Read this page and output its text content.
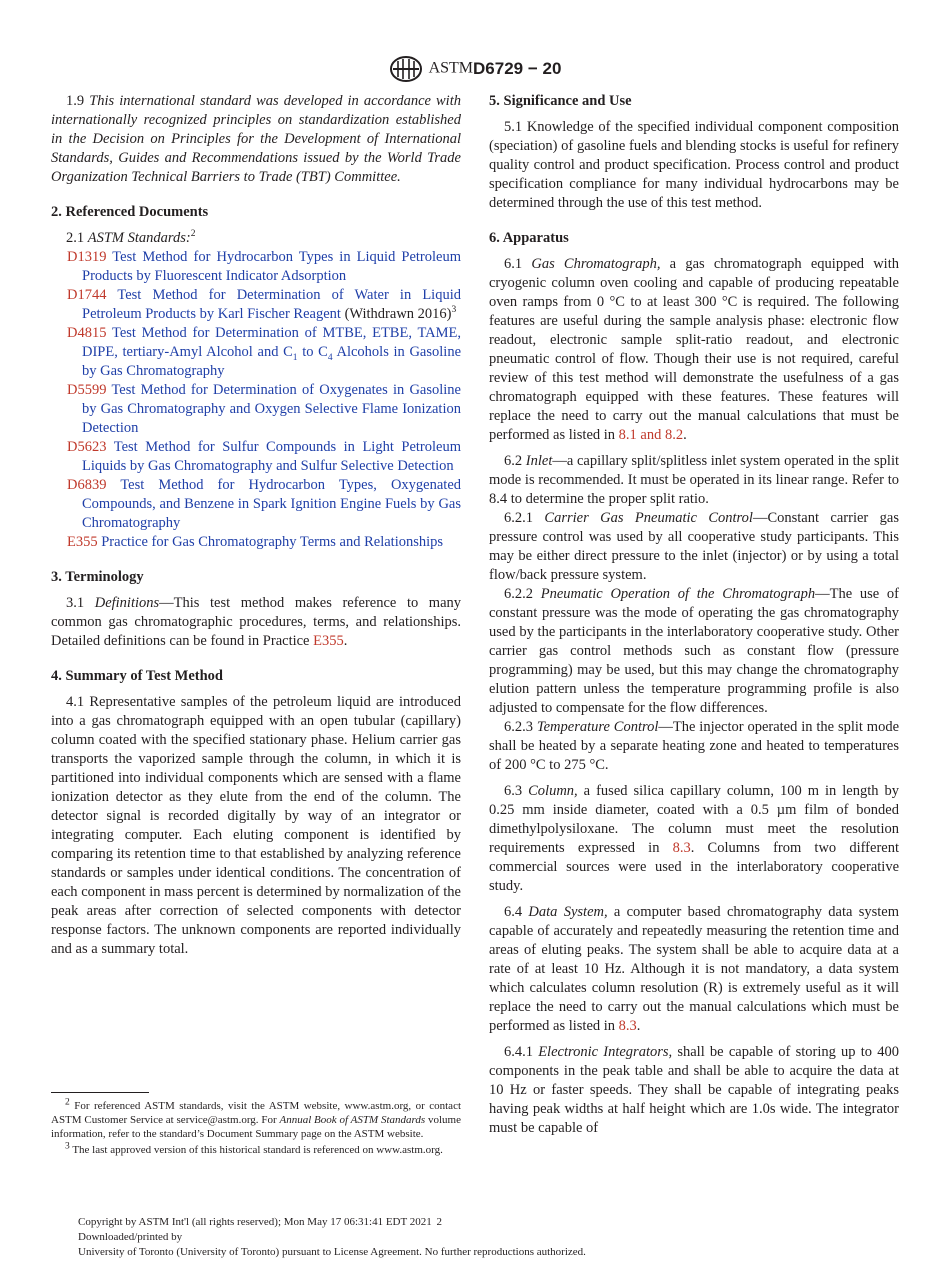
ASTMD6729 − 20

1.9 This international standard was developed in accordance with internationally recognized principles on standardization established in the Decision on Principles for the Development of International Standards, Guides and Recommendations issued by the World Trade Organization Technical Barriers to Trade (TBT) Committee.

2. Referenced Documents

2.1 ASTM Standards:$^2$

D1319 Test Method for Hydrocarbon Types in Liquid Petroleum Products by Fluorescent Indicator Adsorption

D1744 Test Method for Determination of Water in Liquid Petroleum Products by Karl Fischer Reagent (Withdrawn 2016)$^3$

D4815 Test Method for Determination of MTBE, ETBE, TAME, DIPE, tertiary-Amyl Alcohol and $C_1$ to $C_4$ Alcohols in Gasoline by Gas Chromatography

D5599 Test Method for Determination of Oxygenates in Gasoline by Gas Chromatography and Oxygen Selective Flame Ionization Detection

D5623 Test Method for Sulfur Compounds in Light Petroleum Liquids by Gas Chromatography and Sulfur Selective Detection

D6839 Test Method for Hydrocarbon Types, Oxygenated Compounds, and Benzene in Spark Ignition Engine Fuels by Gas Chromatography

E355 Practice for Gas Chromatography Terms and Relationships

3. Terminology

3.1 Definitions—This test method makes reference to many common gas chromatographic procedures, terms, and relationships. Detailed definitions can be found in Practice E355.

4. Summary of Test Method

4.1 Representative samples of the petroleum liquid are introduced into a gas chromatograph equipped with an open tubular (capillary) column coated with the specified stationary phase. Helium carrier gas transports the vaporized sample through the column, in which it is partitioned into individual components which are sensed with a flame ionization detector as they elute from the end of the column. The detector signal is recorded digitally by way of an integrator or integrating computer. Each eluting component is identified by comparing its retention time to that established by analyzing reference standards or samples under identical conditions. The concentration of each component in mass percent is determined by normalization of the peak areas after correction of selected components with detector response factors. The unknown components are reported individually and as a summary total.

$^2$ For referenced ASTM standards, visit the ASTM website, www.astm.org, or contact ASTM Customer Service at service@astm.org. For Annual Book of ASTM Standards volume information, refer to the standard’s Document Summary page on the ASTM website.

$^3$ The last approved version of this historical standard is referenced on www.astm.org.

5. Significance and Use

5.1 Knowledge of the specified individual component composition (speciation) of gasoline fuels and blending stocks is useful for refinery quality control and product specification. Process control and product specification compliance for many individual hydrocarbons may be determined through the use of this test method.

6. Apparatus

6.1 Gas Chromatograph, a gas chromatograph equipped with cryogenic column oven cooling and capable of producing repeatable oven ramps from 0 °C to at least 300 °C is required. The following features are useful during the sample analysis phase: electronic flow readout, electronic sample split-ratio readout, and electronic pneumatic control of flow. Though their use is not required, careful review of this test method will demonstrate the usefulness of a gas chromatograph equipped with these features. These features will replace the need to carry out the manual calculations that must be performed as listed in 8.1 and 8.2.

6.2 Inlet—a capillary split/splitless inlet system operated in the split mode is recommended. It must be operated in its linear range. Refer to 8.4 to determine the proper split ratio.

6.2.1 Carrier Gas Pneumatic Control—Constant carrier gas pressure control was used by all cooperative study participants. This may be either direct pressure to the inlet (injector) or by using a total flow/back pressure system.

6.2.2 Pneumatic Operation of the Chromatograph—The use of constant pressure was the mode of operating the gas chromatography used by the participants in the interlaboratory cooperative study. Other carrier gas control methods such as constant flow (pressure programming) may be used, but this may change the chromatography elution pattern unless the temperature programming profile is also adjusted to compensate for the flow differences.

6.2.3 Temperature Control—The injector operated in the split mode shall be heated by a separate heating zone and heated to temperatures of 200 °C to 275 °C.

6.3 Column, a fused silica capillary column, 100 m in length by 0.25 mm inside diameter, coated with a 0.5 µm film of bonded dimethylpolysiloxane. The column must meet the resolution requirements expressed in 8.3. Columns from two different commercial sources were used in the interlaboratory cooperative study.

6.4 Data System, a computer based chromatography data system capable of accurately and repeatedly measuring the retention time and areas of eluting peaks. The system shall be able to acquire data at a rate of at least 10 Hz. Although it is not mandatory, a data system which calculates column resolution (R) is extremely useful as it will replace the need to carry out the manual calculations which must be performed as listed in 8.3.

6.4.1 Electronic Integrators, shall be capable of storing up to 400 components in the peak table and shall be able to acquire the data at 10 Hz or faster speeds. They shall be capable of integrating peaks having peak widths at half height which are 1.0s wide. The integrator must be capable of

Copyright by ASTM Int'l (all rights reserved); Mon May 17 06:31:41 EDT 2021 2
Downloaded/printed by
University of Toronto (University of Toronto) pursuant to License Agreement. No further reproductions authorized.
